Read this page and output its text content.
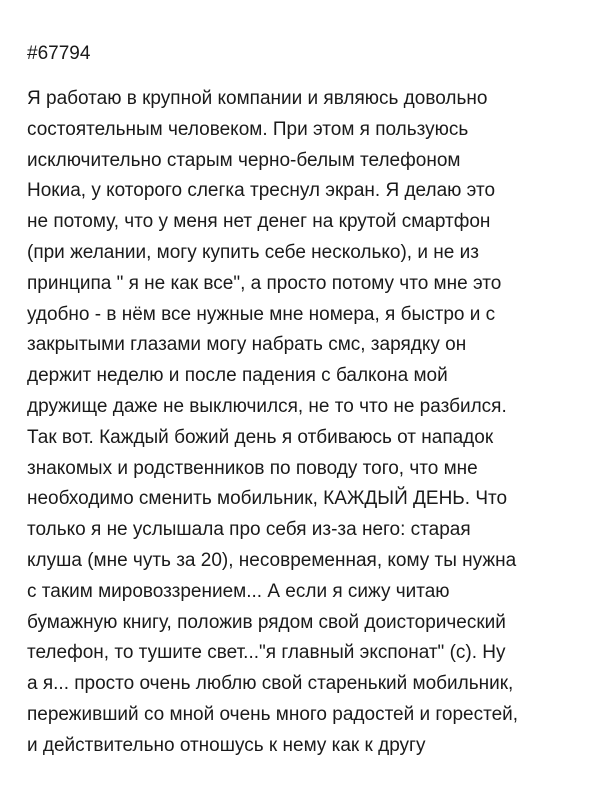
#67794
Я работаю в крупной компании и являюсь довольно
состоятельным человеком. При этом я пользуюсь
исключительно старым черно-белым телефоном
Нокиа, у которого слегка треснул экран. Я делаю это
не потому, что у меня нет денег на крутой смартфон
(при желании, могу купить себе несколько), и не из
принципа " я не как все", а просто потому что мне это
удобно - в нём все нужные мне номера, я быстро и с
закрытыми глазами могу набрать смс, зарядку он
держит неделю и после падения с балкона мой
дружище даже не выключился, не то что не разбился.
Так вот. Каждый божий день я отбиваюсь от нападок
знакомых и родственников по поводу того, что мне
необходимо сменить мобильник, КАЖДЫЙ ДЕНЬ. Что
только я не услышала про себя из-за него: старая
клуша (мне чуть за 20), несовременная, кому ты нужна
с таким мировоззрением... А если я сижу читаю
бумажную книгу, положив рядом свой доисторический
телефон, то тушите свет..."я главный экспонат" (с). Ну
а я... просто очень люблю свой старенький мобильник,
переживший со мной очень много радостей и горестей,
и действительно отношусь к нему как к другу
